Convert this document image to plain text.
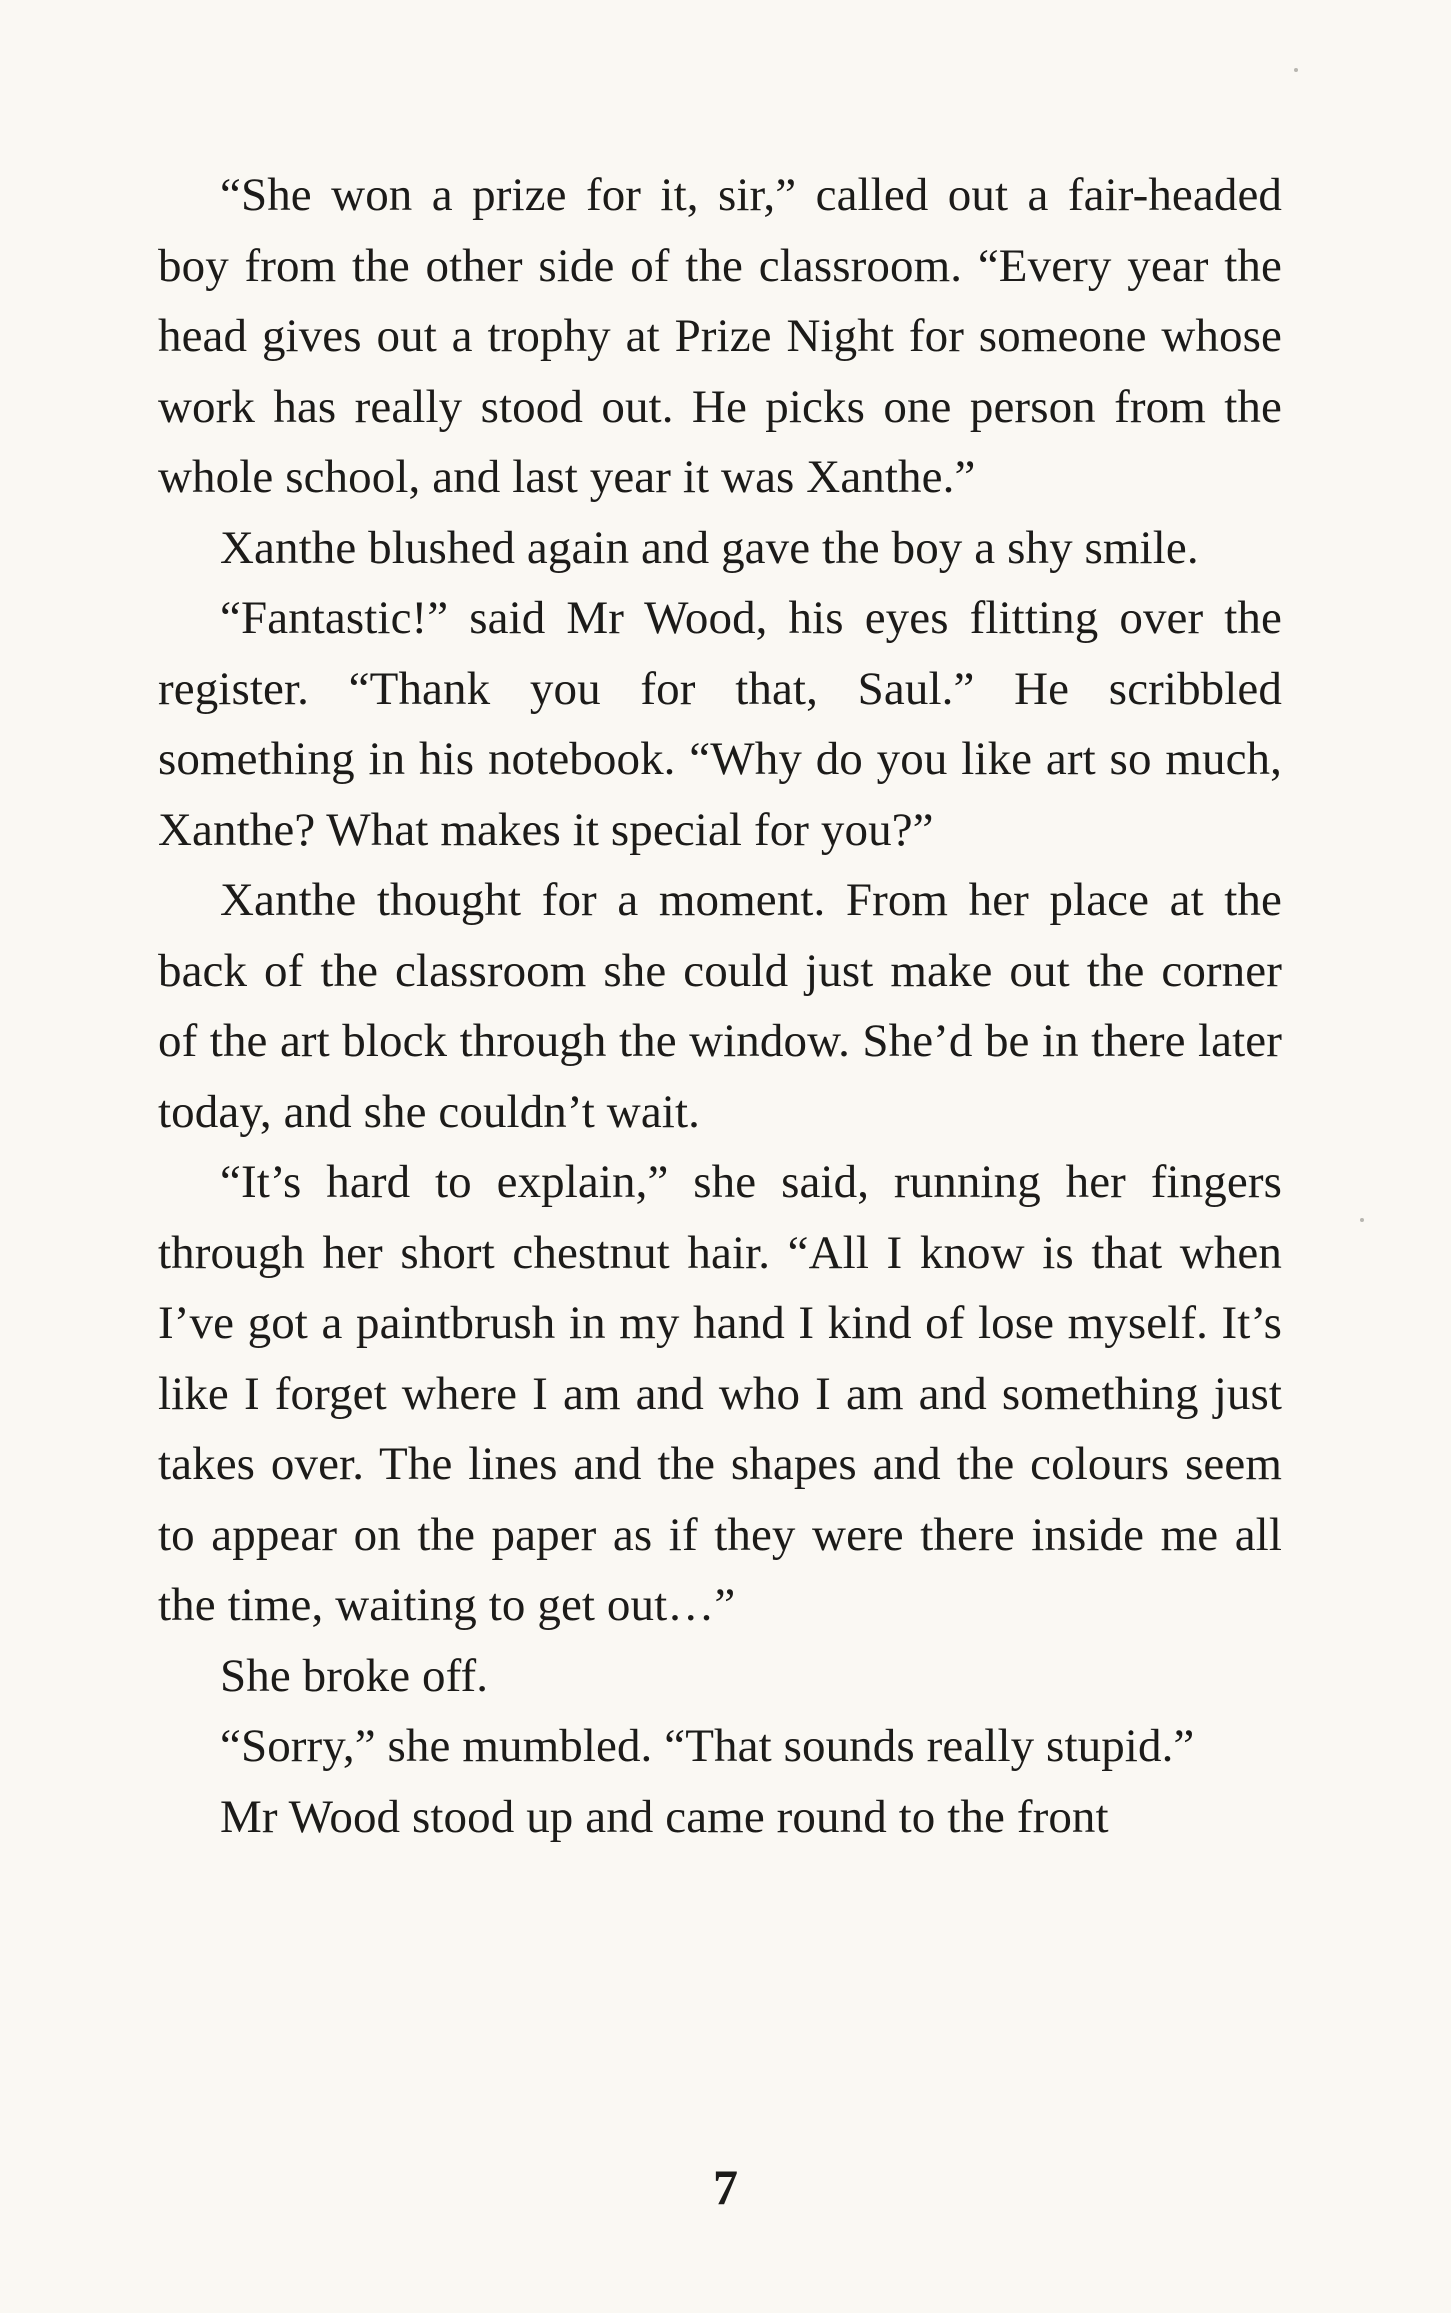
“She won a prize for it, sir,” called out a fair-headed boy from the other side of the classroom. “Every year the head gives out a trophy at Prize Night for someone whose work has really stood out. He picks one person from the whole school, and last year it was Xanthe.”

Xanthe blushed again and gave the boy a shy smile.

“Fantastic!” said Mr Wood, his eyes flitting over the register. “Thank you for that, Saul.” He scribbled something in his notebook. “Why do you like art so much, Xanthe? What makes it special for you?”

Xanthe thought for a moment. From her place at the back of the classroom she could just make out the corner of the art block through the window. She’d be in there later today, and she couldn’t wait.

“It’s hard to explain,” she said, running her fingers through her short chestnut hair. “All I know is that when I’ve got a paintbrush in my hand I kind of lose myself. It’s like I forget where I am and who I am and something just takes over. The lines and the shapes and the colours seem to appear on the paper as if they were there inside me all the time, waiting to get out…”

She broke off.

“Sorry,” she mumbled. “That sounds really stupid.”

Mr Wood stood up and came round to the front

7
